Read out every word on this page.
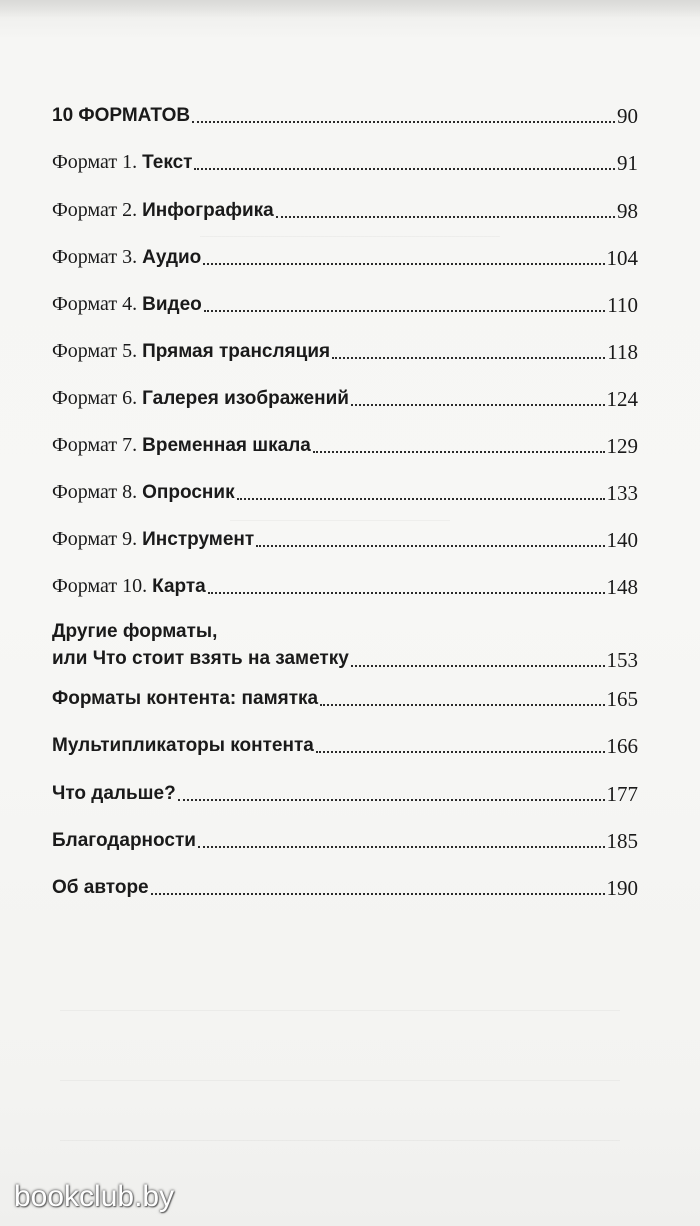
10 ФОРМАТОВ	90
Формат 1. Текст	91
Формат 2. Инфографика	98
Формат 3. Аудио	104
Формат 4. Видео	110
Формат 5. Прямая трансляция	118
Формат 6. Галерея изображений	124
Формат 7. Временная шкала	129
Формат 8. Опросник	133
Формат 9. Инструмент	140
Формат 10. Карта	148
Другие форматы,
или Что стоит взять на заметку	153
Форматы контента: памятка	165
Мультипликаторы контента	166
Что дальше?	177
Благодарности	185
Об авторе	190
bookclub.by
